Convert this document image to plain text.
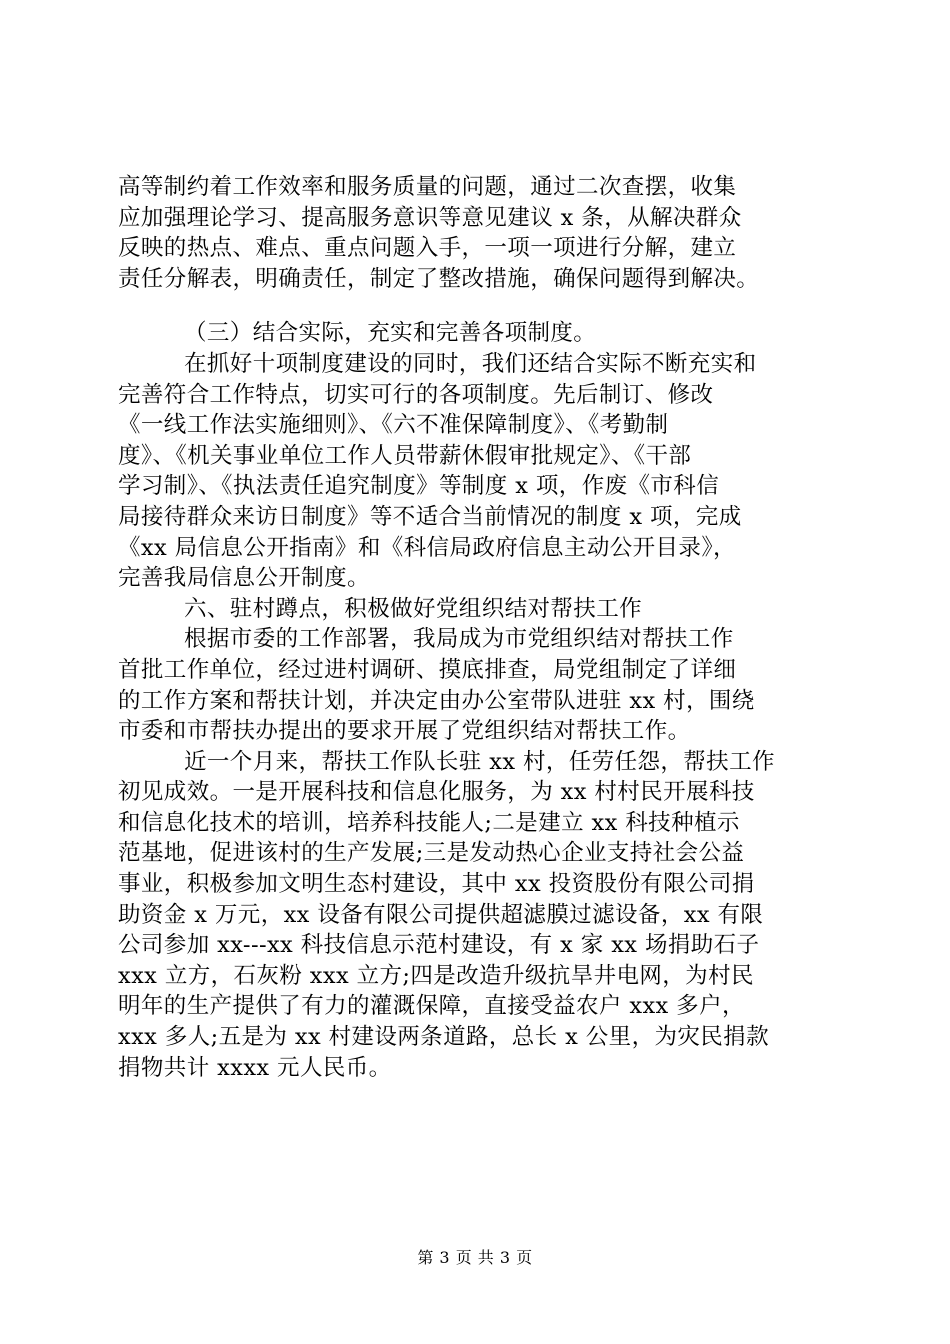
高等制约着工作效率和服务质量的问题，通过二次查摆，收集
应加强理论学习、提高服务意识等意见建议 x 条，从解决群众
反映的热点、难点、重点问题入手，一项一项进行分解，建立
责任分解表，明确责任，制定了整改措施，确保问题得到解决。
（三）结合实际，充实和完善各项制度。
在抓好十项制度建设的同时，我们还结合实际不断充实和
完善符合工作特点，切实可行的各项制度。先后制订、修改
《一线工作法实施细则》、《六不准保障制度》、《考勤制
度》、《机关事业单位工作人员带薪休假审批规定》、《干部
学习制》、《执法责任追究制度》等制度 x 项，作废《市科信
局接待群众来访日制度》等不适合当前情况的制度 x 项，完成
《xx 局信息公开指南》和《科信局政府信息主动公开目录》，
完善我局信息公开制度。
六、驻村蹲点，积极做好党组织结对帮扶工作
根据市委的工作部署，我局成为市党组织结对帮扶工作
首批工作单位，经过进村调研、摸底排查，局党组制定了详细
的工作方案和帮扶计划，并决定由办公室带队进驻 xx 村，围绕
市委和市帮扶办提出的要求开展了党组织结对帮扶工作。
近一个月来，帮扶工作队长驻 xx 村，任劳任怨，帮扶工作
初见成效。一是开展科技和信息化服务，为 xx 村村民开展科技
和信息化技术的培训，培养科技能人;二是建立 xx 科技种植示
范基地，促进该村的生产发展;三是发动热心企业支持社会公益
事业，积极参加文明生态村建设，其中 xx 投资股份有限公司捐
助资金 x 万元，xx 设备有限公司提供超滤膜过滤设备，xx 有限
公司参加 xx---xx 科技信息示范村建设，有 x 家 xx 场捐助石子
xxx 立方，石灰粉 xxx 立方;四是改造升级抗旱井电网，为村民
明年的生产提供了有力的灌溉保障，直接受益农户 xxx 多户，
xxx 多人;五是为 xx 村建设两条道路，总长 x 公里，为灾民捐款
捐物共计 xxxx 元人民币。
第 3 页 共 3 页
